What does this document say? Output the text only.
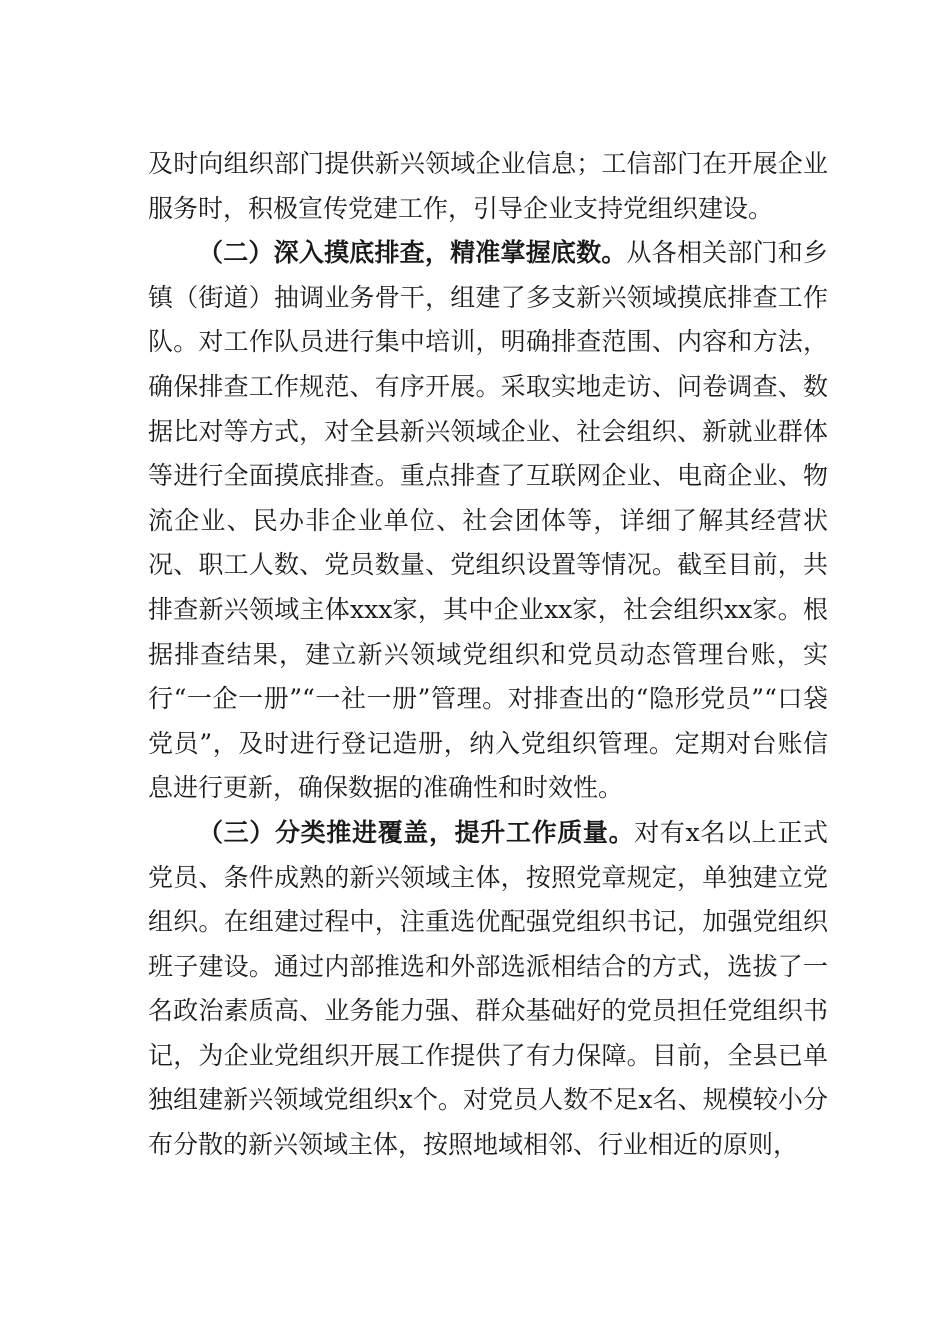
及时向组织部门提供新兴领域企业信息；工信部门在开展企业服务时，积极宣传党建工作，引导企业支持党组织建设。

（二）深入摸底排查，精准掌握底数。从各相关部门和乡镇（街道）抽调业务骨干，组建了多支新兴领域摸底排查工作队。对工作队员进行集中培训，明确排查范围、内容和方法，确保排查工作规范、有序开展。采取实地走访、问卷调查、数据比对等方式，对全县新兴领域企业、社会组织、新就业群体等进行全面摸底排查。重点排查了互联网企业、电商企业、物流企业、民办非企业单位、社会团体等，详细了解其经营状况、职工人数、党员数量、党组织设置等情况。截至目前，共排查新兴领域主体xxx家，其中企业xx家，社会组织xx家。根据排查结果，建立新兴领域党组织和党员动态管理台账，实行“一企一册”“一社一册”管理。对排查出的“隐形党员”“口袋党员”，及时进行登记造册，纳入党组织管理。定期对台账信息进行更新，确保数据的准确性和时效性。

（三）分类推进覆盖，提升工作质量。对有x名以上正式党员、条件成熟的新兴领域主体，按照党章规定，单独建立党组织。在组建过程中，注重选优配强党组织书记，加强党组织班子建设。通过内部推选和外部选派相结合的方式，选拔了一名政治素质高、业务能力强、群众基础好的党员担任党组织书记，为企业党组织开展工作提供了有力保障。目前，全县已单独组建新兴领域党组织x个。对党员人数不足x名、规模较小分布分散的新兴领域主体，按照地域相邻、行业相近的原则，
